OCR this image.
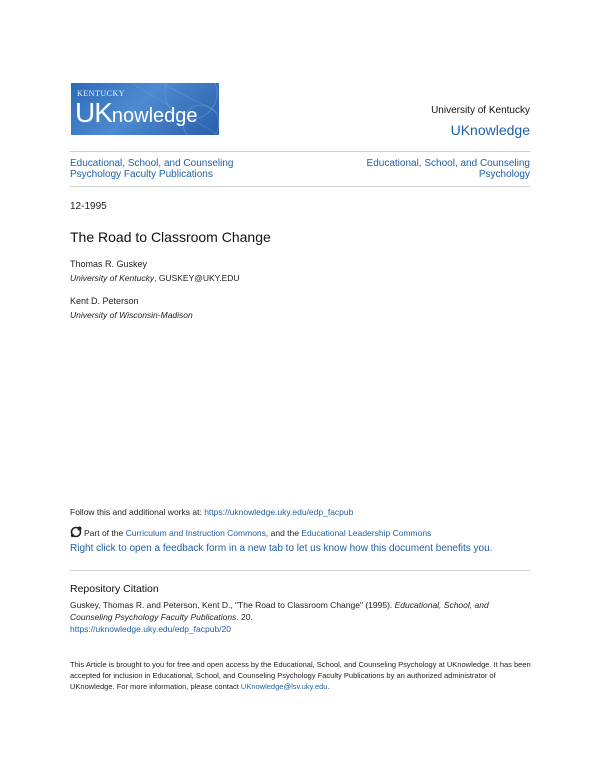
KENTUCKY
UKnowledge	University of Kentucky
UKnowledge
Educational, School, and Counseling Psychology Faculty Publications
Educational, School, and Counseling Psychology
12-1995
The Road to Classroom Change
Thomas R. Guskey
University of Kentucky, GUSKEY@UKY.EDU
Kent D. Peterson
University of Wisconsin-Madison
Follow this and additional works at: https://uknowledge.uky.edu/edp_facpub
Part of the Curriculum and Instruction Commons, and the Educational Leadership Commons
Right click to open a feedback form in a new tab to let us know how this document benefits you.
Repository Citation
Guskey, Thomas R. and Peterson, Kent D., "The Road to Classroom Change" (1995). Educational, School, and Counseling Psychology Faculty Publications. 20.
https://uknowledge.uky.edu/edp_facpub/20
This Article is brought to you for free and open access by the Educational, School, and Counseling Psychology at UKnowledge. It has been accepted for inclusion in Educational, School, and Counseling Psychology Faculty Publications by an authorized administrator of UKnowledge. For more information, please contact UKnowledge@lsv.uky.edu.
